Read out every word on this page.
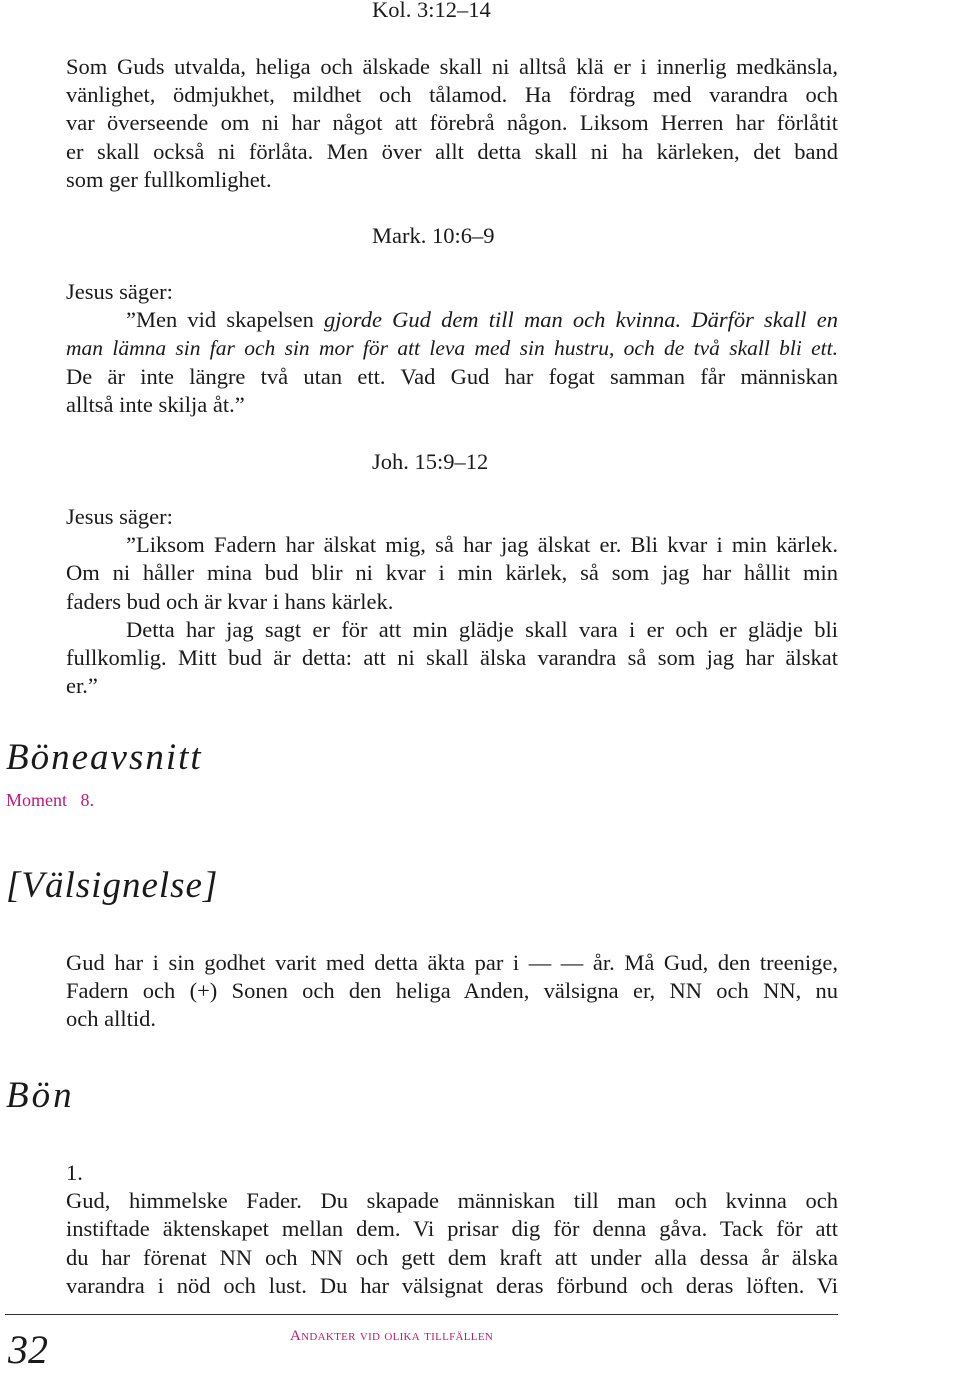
Kol. 3:12–14
Som Guds utvalda, heliga och älskade skall ni alltså klä er i innerlig medkänsla,
vänlighet, ödmjukhet, mildhet och tålamod. Ha fördrag med varandra och
var överseende om ni har något att förebrå någon. Liksom Herren har förlåtit
er skall också ni förlåta. Men över allt detta skall ni ha kärleken, det band
som ger fullkomlighet.
Mark. 10:6–9
Jesus säger:
”Men vid skapelsen gjorde Gud dem till man och kvinna. Därför skall en
man lämna sin far och sin mor för att leva med sin hustru, och de två skall bli ett.
De är inte längre två utan ett. Vad Gud har fogat samman får människan
alltså inte skilja åt.”
Joh. 15:9–12
Jesus säger:
”Liksom Fadern har älskat mig, så har jag älskat er. Bli kvar i min kärlek.
Om ni håller mina bud blir ni kvar i min kärlek, så som jag har hållit min
faders bud och är kvar i hans kärlek.
Detta har jag sagt er för att min glädje skall vara i er och er glädje bli
fullkomlig. Mitt bud är detta: att ni skall älska varandra så som jag har älskat
er.”
Böneavsnitt
Moment   8.
[Välsignelse]
Gud har i sin godhet varit med detta äkta par i — — år. Må Gud, den treenige,
Fadern och (+) Sonen och den heliga Anden, välsigna er, NN och NN, nu
och alltid.
Bön
1.
Gud, himmelske Fader. Du skapade människan till man och kvinna och
instiftade äktenskapet mellan dem. Vi prisar dig för denna gåva. Tack för att
du har förenat NN och NN och gett dem kraft att under alla dessa år älska
varandra i nöd och lust. Du har välsignat deras förbund och deras löften. Vi
32	Andakter vid olika tillfällen
